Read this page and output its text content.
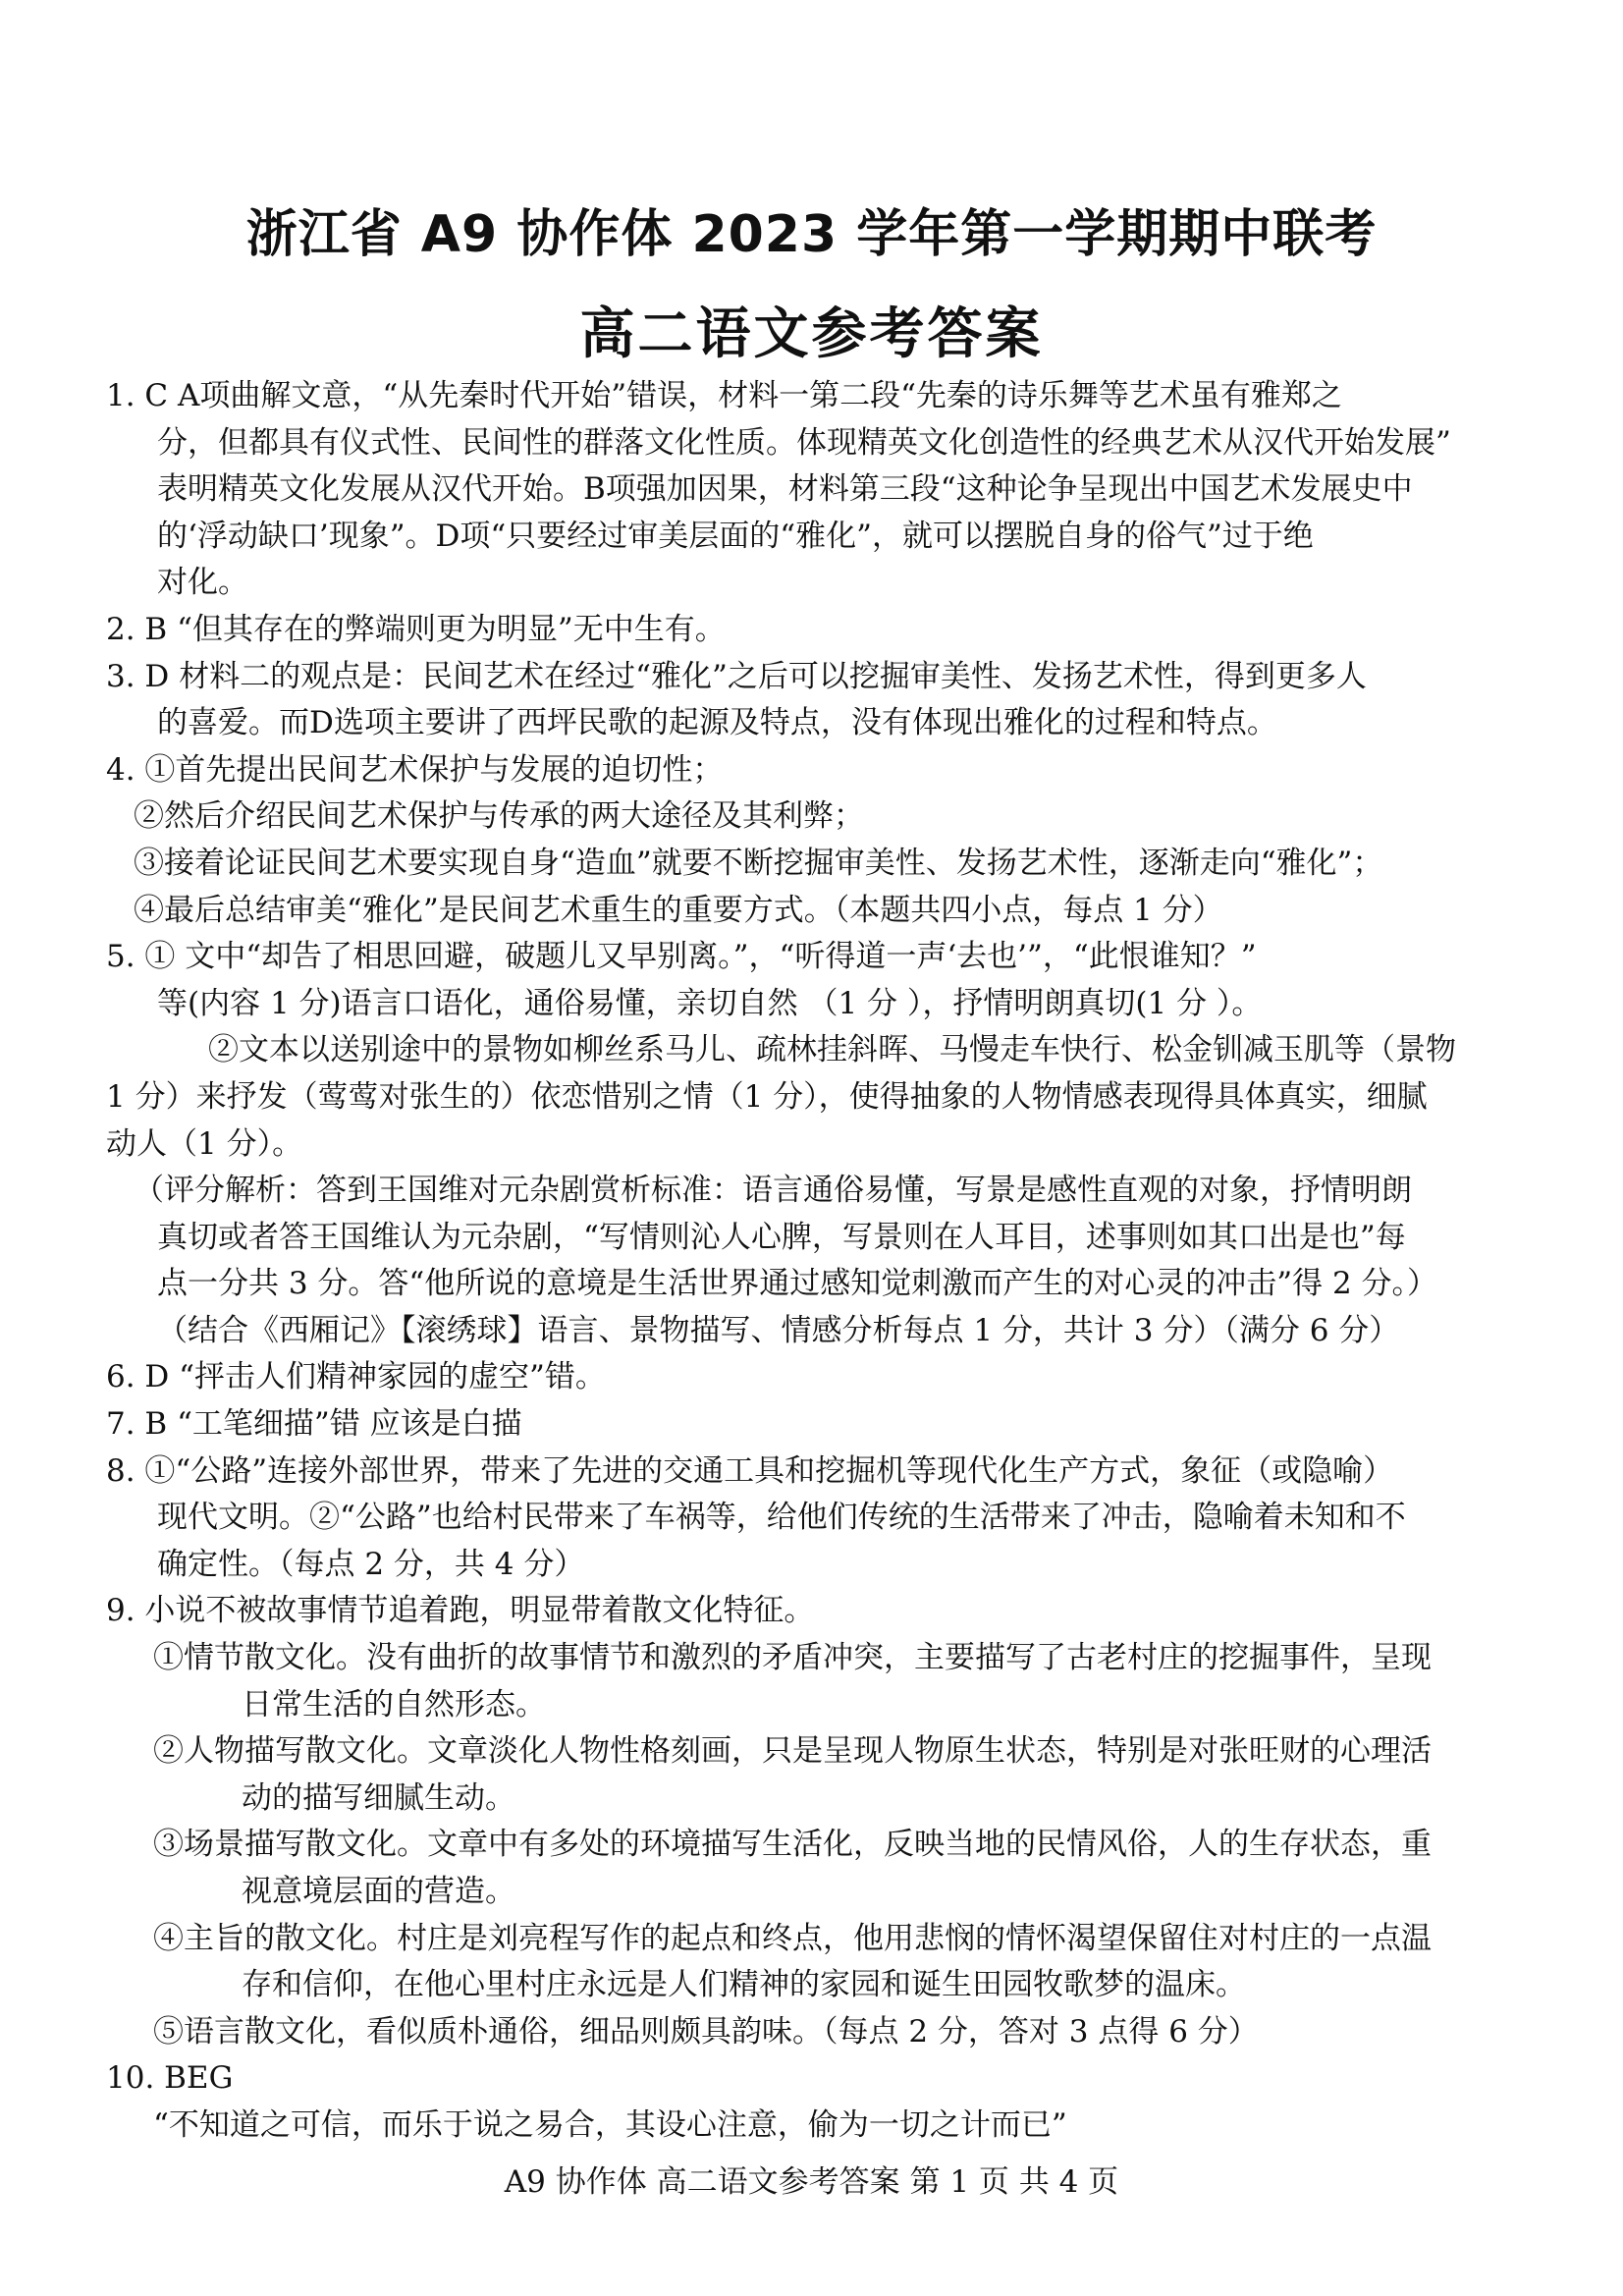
浙江省 A9 协作体 2023 学年第一学期期中联考
高二语文参考答案
1. C A项曲解文意，“从先秦时代开始”错误，材料一第二段“先秦的诗乐舞等艺术虽有雅郑之
分，但都具有仪式性、民间性的群落文化性质。体现精英文化创造性的经典艺术从汉代开始发展”
表明精英文化发展从汉代开始。B项强加因果，材料第三段“这种论争呈现出中国艺术发展史中
的‘浮动缺口’现象”。D项“只要经过审美层面的“雅化”，就可以摆脱自身的俗气”过于绝
对化。
2. B “但其存在的弊端则更为明显”无中生有。
3. D 材料二的观点是：民间艺术在经过“雅化”之后可以挖掘审美性、发扬艺术性，得到更多人
的喜爱。而D选项主要讲了西坪民歌的起源及特点，没有体现出雅化的过程和特点。
4. ①首先提出民间艺术保护与发展的迫切性；
②然后介绍民间艺术保护与传承的两大途径及其利弊；
③接着论证民间艺术要实现自身“造血”就要不断挖掘审美性、发扬艺术性，逐渐走向“雅化”；
④最后总结审美“雅化”是民间艺术重生的重要方式。（本题共四小点，每点 1 分）
5. ① 文中“却告了相思回避，破题儿又早别离。”，“听得道一声‘去也’”，“此恨谁知？”
等(内容 1 分)语言口语化，通俗易懂，亲切自然 （1 分 ），抒情明朗真切(1 分 ）。
②文本以送别途中的景物如柳丝系马儿、疏林挂斜晖、马慢走车快行、松金钏减玉肌等（景物
1 分）来抒发（莺莺对张生的）依恋惜别之情（1 分），使得抽象的人物情感表现得具体真实，细腻
动人（1 分）。
（评分解析：答到王国维对元杂剧赏析标准：语言通俗易懂，写景是感性直观的对象，抒情明朗
真切或者答王国维认为元杂剧，“写情则沁人心脾，写景则在人耳目，述事则如其口出是也”每
点一分共 3 分。答“他所说的意境是生活世界通过感知觉刺激而产生的对心灵的冲击”得 2 分。）
（结合《西厢记》【滚绣球】语言、景物描写、情感分析每点 1 分，共计 3 分）（满分 6 分）
6. D “抨击人们精神家园的虚空”错。
7. B “工笔细描”错 应该是白描
8. ①“公路”连接外部世界，带来了先进的交通工具和挖掘机等现代化生产方式，象征（或隐喻）
现代文明。②“公路”也给村民带来了车祸等，给他们传统的生活带来了冲击，隐喻着未知和不
确定性。（每点 2 分，共 4 分）
9. 小说不被故事情节追着跑，明显带着散文化特征。
①情节散文化。没有曲折的故事情节和激烈的矛盾冲突，主要描写了古老村庄的挖掘事件，呈现
日常生活的自然形态。
②人物描写散文化。文章淡化人物性格刻画，只是呈现人物原生状态，特别是对张旺财的心理活
动的描写细腻生动。
③场景描写散文化。文章中有多处的环境描写生活化，反映当地的民情风俗，人的生存状态，重
视意境层面的营造。
④主旨的散文化。村庄是刘亮程写作的起点和终点，他用悲悯的情怀渴望保留住对村庄的一点温
存和信仰，在他心里村庄永远是人们精神的家园和诞生田园牧歌梦的温床。
⑤语言散文化，看似质朴通俗，细品则颇具韵味。（每点 2 分，答对 3 点得 6 分）
10. BEG
“不知道之可信，而乐于说之易合，其设心注意，偷为一切之计而已”
A9 协作体 高二语文参考答案 第 1 页 共 4 页
